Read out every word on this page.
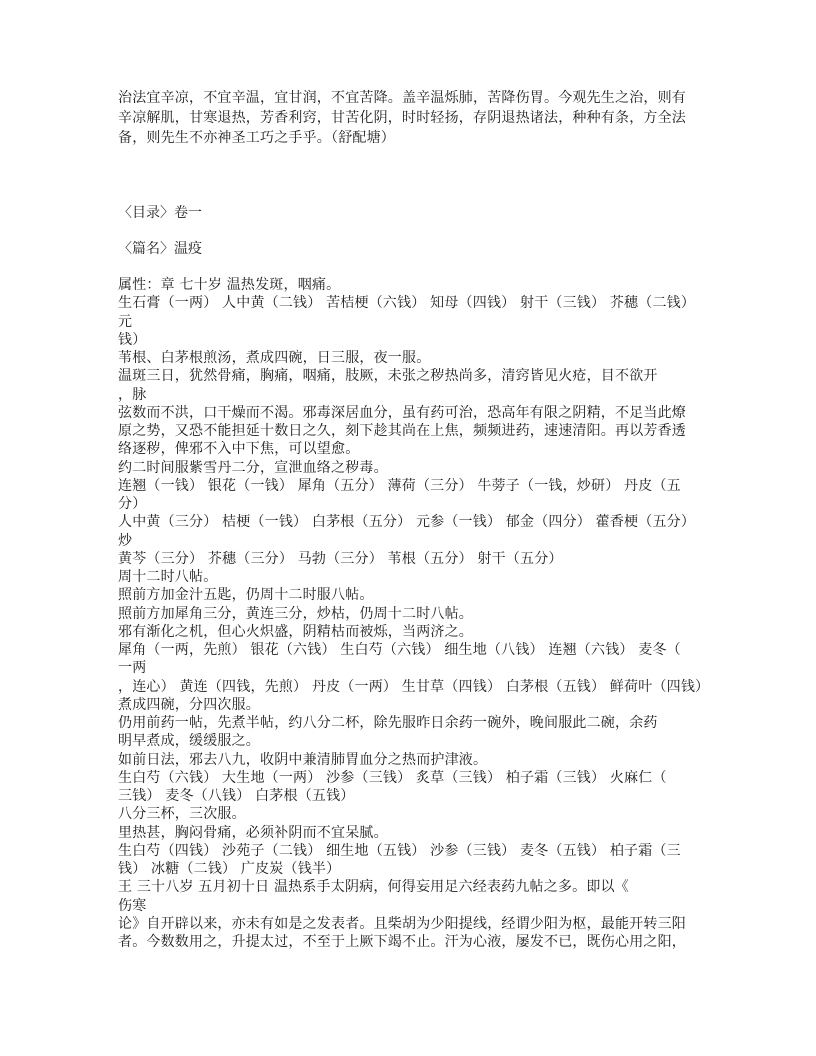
治法宜辛凉，不宜辛温，宜甘润，不宜苦降。盖辛温烁肺，苦降伤胃。今观先生之治，则有
辛凉解肌，甘寒退热，芳香利窍，甘苦化阴，时时轻扬，存阴退热诸法，种种有条，方全法
备，则先生不亦神圣工巧之手乎。（舒配塘）
〈目录〉卷一
〈篇名〉温疫
属性：章 七十岁 温热发斑，咽痛。
生石膏（一两） 人中黄（二钱） 苦桔梗（六钱） 知母（四钱） 射干（三钱） 芥穗（二钱）
元
钱）
苇根、白茅根煎汤，煮成四碗，日三服，夜一服。
温斑三日，犹然骨痛，胸痛，咽痛，肢厥，未张之秽热尚多，清窍皆见火疮，目不欲开
，脉
弦数而不洪，口干燥而不渴。邪毒深居血分，虽有药可治，恐高年有限之阴精，不足当此燎
原之势，又恐不能担延十数日之久，刻下趁其尚在上焦，频频进药，速速清阳。再以芳香透
络逐秽，俾邪不入中下焦，可以望愈。
约二时间服紫雪丹二分，宣泄血络之秽毒。
连翘（一钱） 银花（一钱） 犀角（五分） 薄荷（三分） 牛蒡子（一钱，炒研） 丹皮（五
分）
人中黄（三分） 桔梗（一钱） 白茅根（五分） 元参（一钱） 郁金（四分） 藿香梗（五分）
炒
黄芩（三分） 芥穗（三分） 马勃（三分） 苇根（五分） 射干（五分）
周十二时八帖。
照前方加金汁五匙，仍周十二时服八帖。
照前方加犀角三分，黄连三分，炒枯，仍周十二时八帖。
邪有渐化之机，但心火炽盛，阴精枯而被烁，当两济之。
犀角（一两，先煎） 银花（六钱） 生白芍（六钱） 细生地（八钱） 连翘（六钱） 麦冬（
一两
，连心） 黄连（四钱，先煎） 丹皮（一两） 生甘草（四钱） 白茅根（五钱） 鲜荷叶（四钱）
煮成四碗，分四次服。
仍用前药一帖，先煮半帖，约八分二杯，除先服昨日余药一碗外，晚间服此二碗，余药
明早煮成，缓缓服之。
如前日法，邪去八九，收阴中兼清肺胃血分之热而护津液。
生白芍（六钱） 大生地（一两） 沙参（三钱） 炙草（三钱） 柏子霜（三钱） 火麻仁（
三钱） 麦冬（八钱） 白茅根（五钱）
八分三杯，三次服。
里热甚，胸闷骨痛，必须补阴而不宜呆腻。
生白芍（四钱） 沙苑子（二钱） 细生地（五钱） 沙参（三钱） 麦冬（五钱） 柏子霜（三
钱） 冰糖（二钱） 广皮炭（钱半）
王 三十八岁 五月初十日 温热系手太阴病，何得妄用足六经表药九帖之多。即以《
伤寒
论》自开辟以来，亦未有如是之发表者。且柴胡为少阳提线，经谓少阳为枢，最能开转三阳
者。今数数用之，升提太过，不至于上厥下竭不止。汗为心液，屡发不已，既伤心用之阳，
